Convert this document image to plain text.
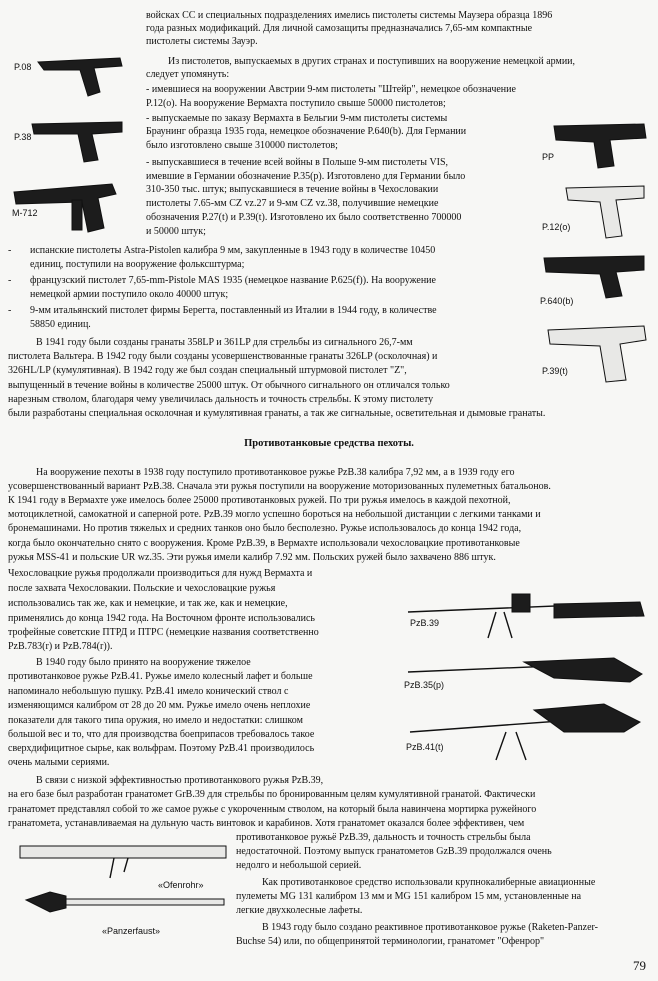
P.08
P.38
M-712
PP
P.12(o)
P.640(b)
P.39(t)
PzB.39
PzB.35(p)
PzB.41(t)
«Ofenrohr»
«Panzerfaust»
войсках СС и специальных подразделениях имелись пистолеты системы Маузера образца 1896
года разных модификаций. Для личной самозащиты предназначались 7,65-мм компактные
пистолеты системы Зауэр.
Из пистолетов, выпускаемых в других странах и поступивших на вооружение немецкой армии,
следует упомянуть:
- имевшиеся на вооружении Австрии 9-мм пистолеты "Штейр", немецкое обозначение
P.12(o). На вооружение Вермахта поступило свыше 50000 пистолетов;
- выпускаемые по заказу Вермахта в Бельгии 9-мм пистолеты системы
Браунинг образца 1935 года, немецкое обозначение P.640(b). Для Германии
было изготовлено свыше 310000 пистолетов;
- выпускавшиеся в течение всей войны в Польше 9-мм пистолеты VIS,
имевшие в Германии обозначение P.35(p). Изготовлено для Германии было
310-350 тыс. штук; выпускавшиеся в течение войны в Чехословакии
пистолеты 7.65-мм CZ vz.27 и 9-мм CZ vz.38, получившие немецкие
обозначения P.27(t) и P.39(t). Изготовлено их было соответственно 700000
и 50000 штук;
- испанские пистолеты Astra-Pistolen калибра 9 мм, закупленные в 1943 году в количестве 10450
единиц, поступили на вооружение фольксштурма;
- французский пистолет 7,65-mm-Pistole MAS 1935 (немецкое название P.625(f)). На вооружение
немецкой армии поступило около 40000 штук;
- 9-мм итальянский пистолет фирмы Берегта, поставленный из Италии в 1944 году, в количестве
58850 единиц.
В 1941 году были созданы гранаты 358LP и 361LP для стрельбы из сигнального 26,7-мм
пистолета Вальтера. В 1942 году были созданы усовершенствованные гранаты 326LP (осколочная) и
326HL/LP (кумулятивная). В 1942 году же был создан специальный штурмовой пистолет "Z",
выпущенный в течение войны в количестве 25000 штук. От обычного сигнального он отличался только
нарезным стволом, благодаря чему увеличилась дальность и точность стрельбы. К этому пистолету
были разработаны специальная осколочная и кумулятивная гранаты, а так же сигнальные, осветительная и дымовые гранаты.
Противотанковые средства пехоты.
На вооружение пехоты в 1938 году поступило противотанковое ружье PzB.38 калибра 7,92 мм, а в 1939 году его
усовершенствованный вариант PzB.38. Сначала эти ружья поступили на вооружение моторизованных пулеметных батальонов.
К 1941 году в Вермахте уже имелось более 25000 противотанковых ружей. По три ружья имелось в каждой пехотной,
мотоциклетной, самокатной и саперной роте. PzB.39 могло успешно бороться на небольшой дистанции с легкими танками и
бронемашинами. Но против тяжелых и средних танков оно было бесполезно. Ружье использовалось до конца 1942 года,
когда было окончательно снято с вооружения. Кроме PzB.39, в Вермахте использовали чехословацкие противотанковые
ружья MSS-41 и польские UR wz.35. Эти ружья имели калибр 7.92 мм. Польских ружей было захвачено 886 штук.
Чехословацкие ружья продолжали производиться для нужд Вермахта и
после захвата Чехословакии. Польские и чехословацкие ружья
использовались так же, как и немецкие, и так же, как и немецкие,
применялись до конца 1942 года. На Восточном фронте использовались
трофейные советские ПТРД и ПТРС (немецкие названия соответственно
PzB.783(r) и PzB.784(r)).
В 1940 году было принято на вооружение тяжелое
противотанковое ружье PzB.41. Ружье имело колесный лафет и больше
напоминало небольшую пушку. PzB.41 имело конический ствол с
изменяющимся калибром от 28 до 20 мм. Ружье имело очень неплохие
показатели для такого типа оружия, но имело и недостатки: слишком
большой вес и то, что для производства боеприпасов требовалось такое
сверхдифицитное сырье, как вольфрам. Поэтому PzB.41 производилось
очень малыми сериями.
В связи с низкой эффективностью противотанкового ружья PzB.39,
на его базе был разработан гранатомет GrB.39 для стрельбы по бронированным целям кумулятивной гранатой. Фактически
гранатомет представлял собой то же самое ружье с укороченным стволом, на который была навинчена мортирка ружейного
гранатомета, устанавливаемая на дульную часть винтовок и карабинов. Хотя гранатомет оказался более эффективен, чем
противотанковое ружьё PzB.39, дальность и точность стрельбы была
недостаточной. Поэтому выпуск гранатометов GzB.39 продолжался очень
недолго и небольшой серией.
Как противотанковое средство использовали крупнокалиберные авиационные
пулеметы MG 131 калибром 13 мм и MG 151 калибром 15 мм, установленные на
легкие двухколесные лафеты.
В 1943 году было создано реактивное противотанковое ружье (Raketen-Panzer-
Buchse 54) или, по общепринятой терминологии, гранатомет "Офенрор"
79
